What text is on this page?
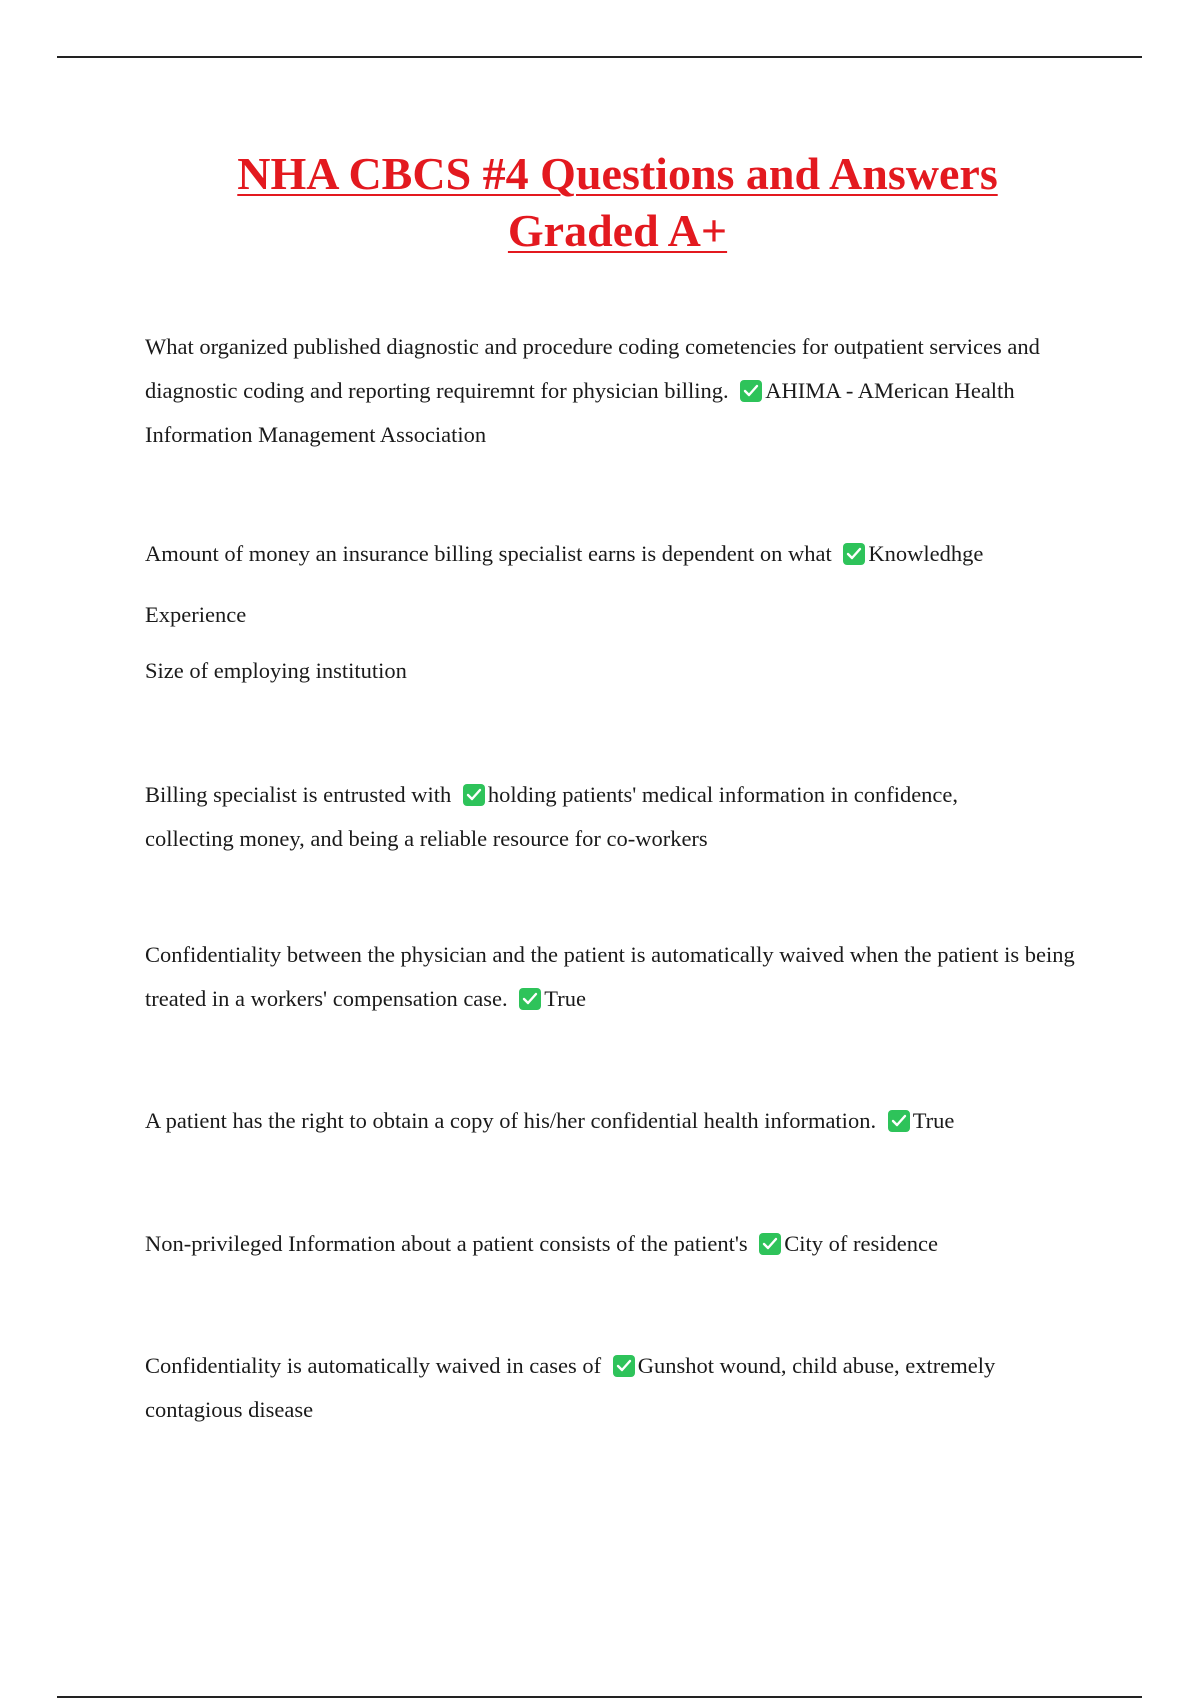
NHA CBCS #4 Questions and Answers
Graded A+

What organized published diagnostic and procedure coding cometencies for outpatient services and diagnostic coding and reporting requiremnt for physician billing. AHIMA - AMerican Health Information Management Association

Amount of money an insurance billing specialist earns is dependent on what Knowledhge
Experience
Size of employing institution

Billing specialist is entrusted with holding patients' medical information in confidence, collecting money, and being a reliable resource for co-workers

Confidentiality between the physician and the patient is automatically waived when the patient is being treated in a workers' compensation case. True

A patient has the right to obtain a copy of his/her confidential health information. True

Non-privileged Information about a patient consists of the patient's City of residence

Confidentiality is automatically waived in cases of Gunshot wound, child abuse, extremely contagious disease
